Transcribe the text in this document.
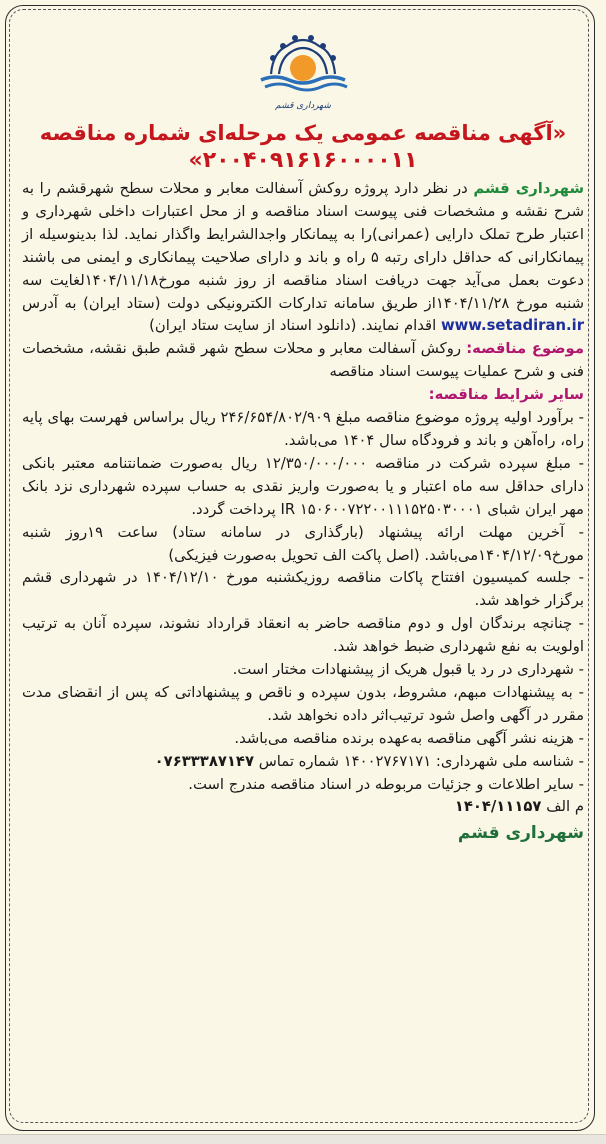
شهرداری قشم
«آگهی مناقصه عمومی یک مرحله‌ای شماره مناقصه
۲۰۰۴۰۹۱۶۱۶۰۰۰۰۱۱»

شهرداری قشم در نظر دارد پروژه روکش آسفالت معابر و محلات سطح شهرقشم را به شرح نقشه و مشخصات فنی پیوست اسناد مناقصه و از محل اعتبارات داخلی شهرداری و اعتبار طرح تملک دارایی (عمرانی)را به پیمانکار واجدالشرایط واگذار نماید. لذا بدینوسیله از پیمانکارانی که حداقل دارای رتبه ۵ راه و باند و دارای صلاحیت پیمانکاری و ایمنی می باشند دعوت بعمل می‌آید جهت دریافت اسناد مناقصه از روز شنبه مورخ۱۴۰۴/۱۱/۱۸لغایت سه شنبه مورخ ۱۴۰۴/۱۱/۲۸از طریق سامانه تدارکات الکترونیکی دولت (ستاد ایران) به آدرس www.setadiran.ir اقدام نمایند. (دانلود اسناد از سایت ستاد ایران)

موضوع مناقصه: روکش آسفالت معابر و محلات سطح شهر قشم طبق نقشه، مشخصات فنی و شرح عملیات پیوست اسناد مناقصه

سایر شرایط مناقصه:

- برآورد اولیه پروژه موضوع مناقصه مبلغ ۲۴۶/۶۵۴/۸۰۲/۹۰۹ ریال براساس فهرست بهای پایه راه، راه‌آهن و باند و فرودگاه سال ۱۴۰۴ می‌باشد.

- مبلغ سپرده شرکت در مناقصه ۱۲/۳۵۰/۰۰۰/۰۰۰ ریال به‌صورت ضمانتنامه معتبر بانکی دارای حداقل سه ماه اعتبار و یا به‌صورت واریز نقدی به حساب سپرده شهرداری نزد بانک مهر ایران شبای IR ۱۵۰۶۰۰۷۲۲۰۰۱۱۱۵۲۵۰۳۰۰۰۱ پرداخت گردد.

- آخرین مهلت ارائه پیشنهاد (بارگذاری در سامانه ستاد) ساعت ۱۹روز شنبه مورخ۱۴۰۴/۱۲/۰۹می‌باشد. (اصل پاکت الف تحویل به‌صورت فیزیکی)

- جلسه کمیسیون افتتاح پاکات مناقصه روزیکشنبه مورخ ۱۴۰۴/۱۲/۱۰ در شهرداری قشم برگزار خواهد شد.

- چنانچه برندگان اول و دوم مناقصه حاضر به انعقاد قرارداد نشوند، سپرده آنان به ترتیب اولویت به نفع شهرداری ضبط خواهد شد.

- شهرداری در رد یا قبول هریک از پیشنهادات مختار است.

- به پیشنهادات مبهم، مشروط، بدون سپرده و ناقص و پیشنهاداتی که پس از انقضای مدت مقرر در آگهی واصل شود ترتیب‌اثر داده نخواهد شد.

- هزینه نشر آگهی مناقصه به‌عهده برنده مناقصه می‌باشد.

- شناسه ملی شهرداری: ۱۴۰۰۲۷۶۷۱۷۱ شماره تماس ۰۷۶۳۳۳۸۷۱۴۷

- سایر اطلاعات و جزئیات مربوطه در اسناد مناقصه مندرج است.

م الف ۱۴۰۴/۱۱۱۵۷

شهرداری قشم
